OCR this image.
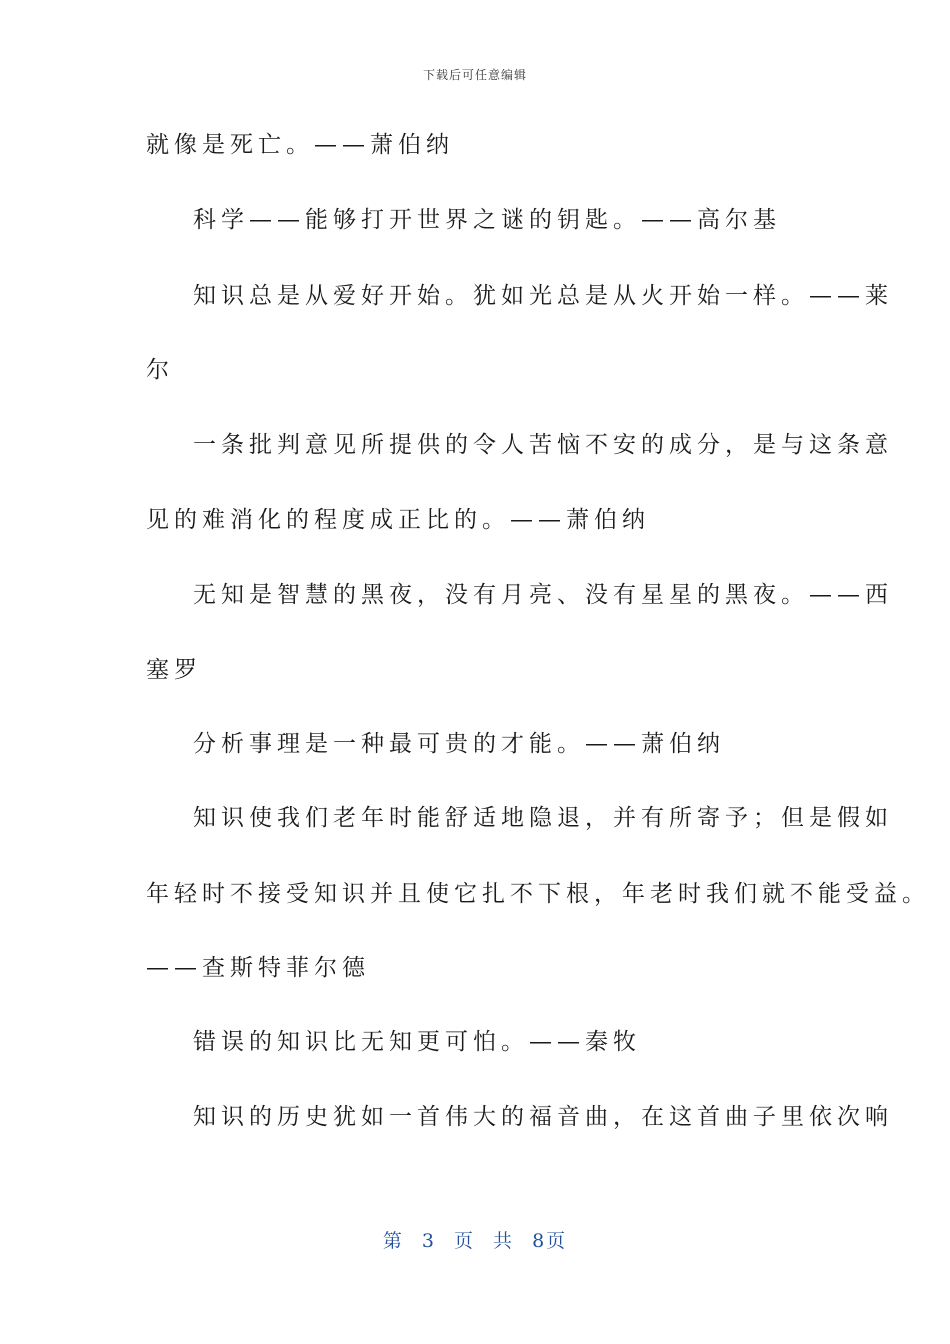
下载后可任意编辑
就像是死亡。——萧伯纳
科学——能够打开世界之谜的钥匙。——高尔基
知识总是从爱好开始。犹如光总是从火开始一样。——莱
尔
一条批判意见所提供的令人苦恼不安的成分，是与这条意
见的难消化的程度成正比的。——萧伯纳
无知是智慧的黑夜，没有月亮、没有星星的黑夜。——西
塞罗
分析事理是一种最可贵的才能。——萧伯纳
知识使我们老年时能舒适地隐退，并有所寄予；但是假如
年轻时不接受知识并且使它扎不下根，年老时我们就不能受益。
——查斯特菲尔德
错误的知识比无知更可怕。——秦牧
知识的历史犹如一首伟大的福音曲，在这首曲子里依次响
第 3 页 共 8页
